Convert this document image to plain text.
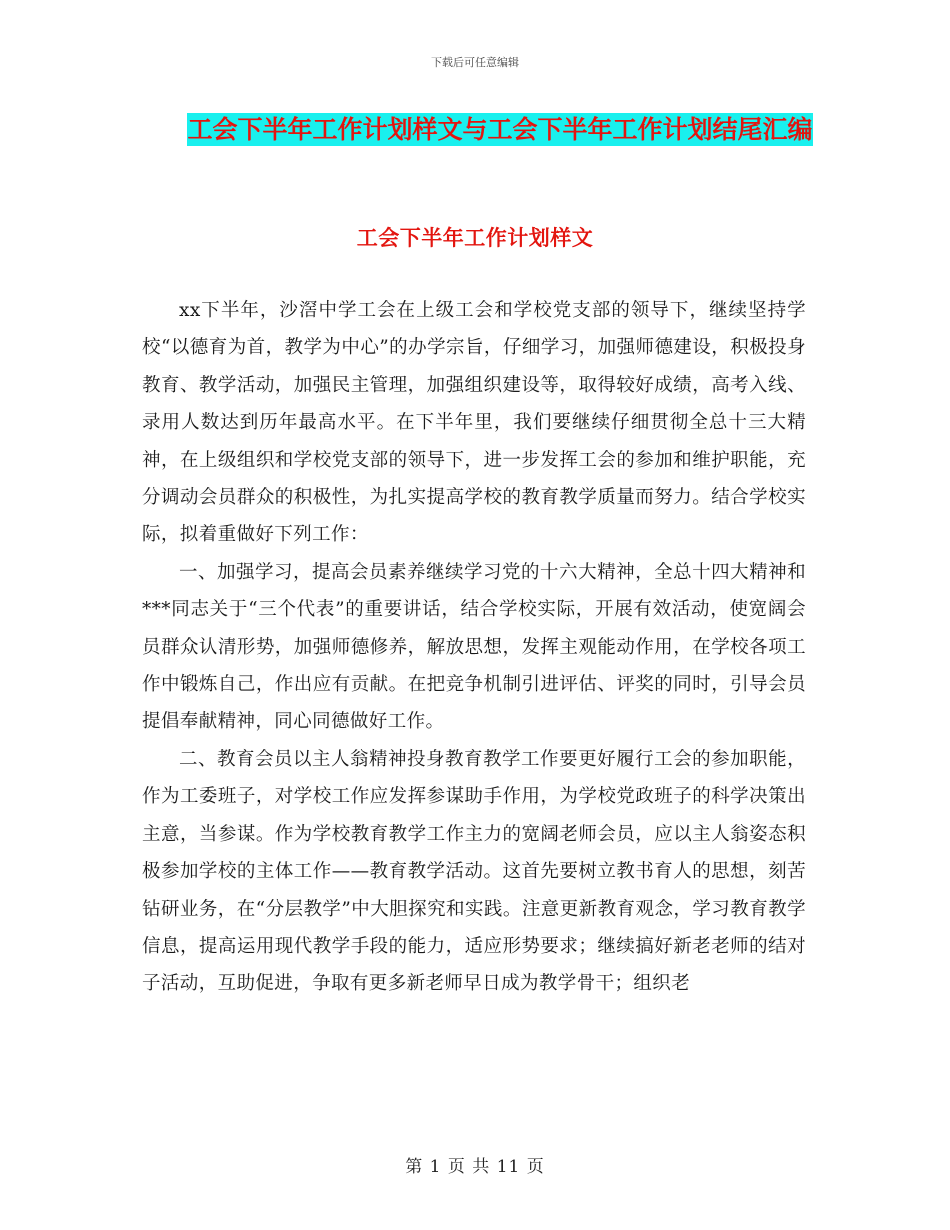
下载后可任意编辑
工会下半年工作计划样文与工会下半年工作计划结尾汇编
工会下半年工作计划样文

xx下半年，沙滘中学工会在上级工会和学校党支部的领导下，继续坚持学校“以德育为首，教学为中心”的办学宗旨，仔细学习，加强师德建设，积极投身教育、教学活动，加强民主管理，加强组织建设等，取得较好成绩，高考入线、录用人数达到历年最高水平。在下半年里，我们要继续仔细贯彻全总十三大精神，在上级组织和学校党支部的领导下，进一步发挥工会的参加和维护职能，充分调动会员群众的积极性，为扎实提高学校的教育教学质量而努力。结合学校实际，拟着重做好下列工作：

一、加强学习，提高会员素养继续学习党的十六大精神，全总十四大精神和***同志关于“三个代表”的重要讲话，结合学校实际，开展有效活动，使宽阔会员群众认清形势，加强师德修养，解放思想，发挥主观能动作用，在学校各项工作中锻炼自己，作出应有贡献。在把竞争机制引进评估、评奖的同时，引导会员提倡奉献精神，同心同德做好工作。

二、教育会员以主人翁精神投身教育教学工作要更好履行工会的参加职能，作为工委班子，对学校工作应发挥参谋助手作用，为学校党政班子的科学决策出主意，当参谋。作为学校教育教学工作主力的宽阔老师会员，应以主人翁姿态积极参加学校的主体工作——教育教学活动。这首先要树立教书育人的思想，刻苦钻研业务，在“分层教学”中大胆探究和实践。注意更新教育观念，学习教育教学信息，提高运用现代教学手段的能力，适应形势要求；继续搞好新老老师的结对子活动，互助促进，争取有更多新老师早日成为教学骨干；组织老

第 1 页 共 11 页
